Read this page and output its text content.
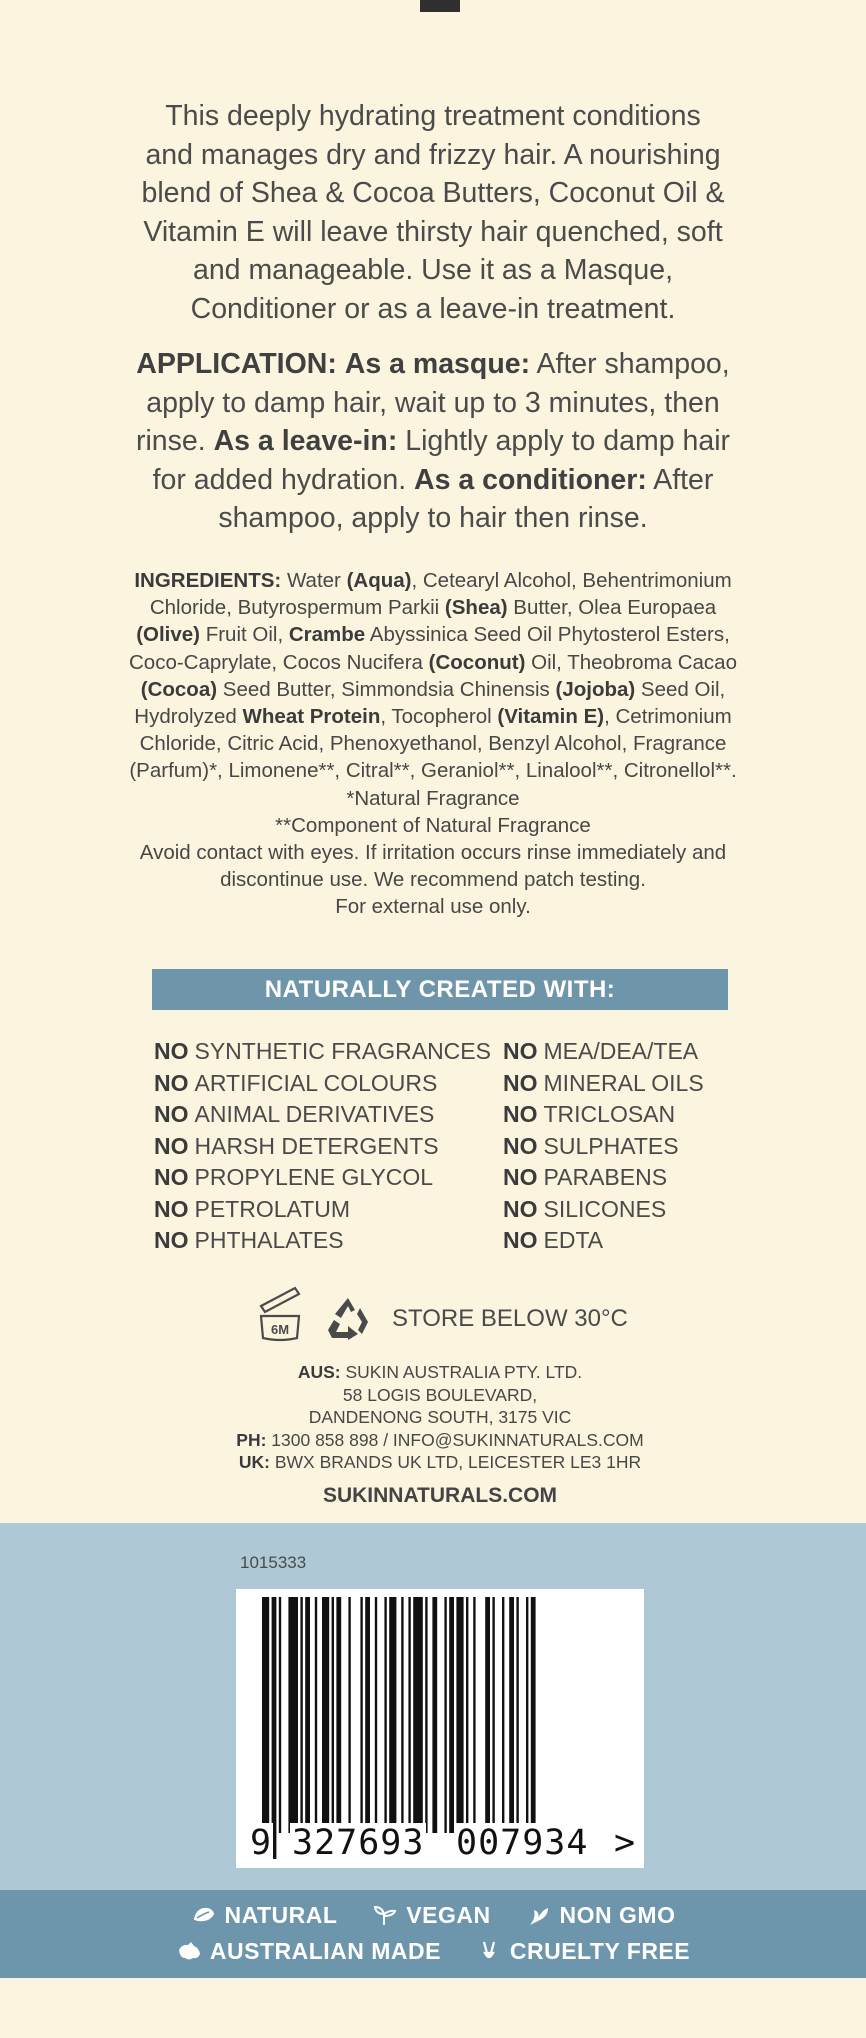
This deeply hydrating treatment conditions
and manages dry and frizzy hair. A nourishing
blend of Shea & Cocoa Butters, Coconut Oil &
Vitamin E will leave thirsty hair quenched, soft
and manageable. Use it as a Masque,
Conditioner or as a leave-in treatment.
APPLICATION: As a masque: After shampoo, apply to damp hair, wait up to 3 minutes, then rinse. As a leave-in: Lightly apply to damp hair for added hydration. As a conditioner: After shampoo, apply to hair then rinse.
INGREDIENTS: Water (Aqua), Cetearyl Alcohol, Behentrimonium Chloride, Butyrospermum Parkii (Shea) Butter, Olea Europaea (Olive) Fruit Oil, Crambe Abyssinica Seed Oil Phytosterol Esters, Coco-Caprylate, Cocos Nucifera (Coconut) Oil, Theobroma Cacao (Cocoa) Seed Butter, Simmondsia Chinensis (Jojoba) Seed Oil, Hydrolyzed Wheat Protein, Tocopherol (Vitamin E), Cetrimonium Chloride, Citric Acid, Phenoxyethanol, Benzyl Alcohol, Fragrance (Parfum)*, Limonene**, Citral**, Geraniol**, Linalool**, Citronellol**. *Natural Fragrance
**Component of Natural Fragrance
Avoid contact with eyes. If irritation occurs rinse immediately and discontinue use. We recommend patch testing.
For external use only.
NATURALLY CREATED WITH:
NO SYNTHETIC FRAGRANCES
NO ARTIFICIAL COLOURS
NO ANIMAL DERIVATIVES
NO HARSH DETERGENTS
NO PROPYLENE GLYCOL
NO PETROLATUM
NO PHTHALATES
NO MEA/DEA/TEA
NO MINERAL OILS
NO TRICLOSAN
NO SULPHATES
NO PARABENS
NO SILICONES
NO EDTA
6M	STORE BELOW 30°C
AUS: SUKIN AUSTRALIA PTY. LTD.
58 LOGIS BOULEVARD,
DANDENONG SOUTH, 3175 VIC
PH: 1300 858 898 / INFO@SUKINNATURALS.COM
UK: BWX BRANDS UK LTD, LEICESTER LE3 1HR
SUKINNATURALS.COM
1015333
9 327693 007934 >
NATURAL	VEGAN	NON GMO
AUSTRALIAN MADE	CRUELTY FREE
